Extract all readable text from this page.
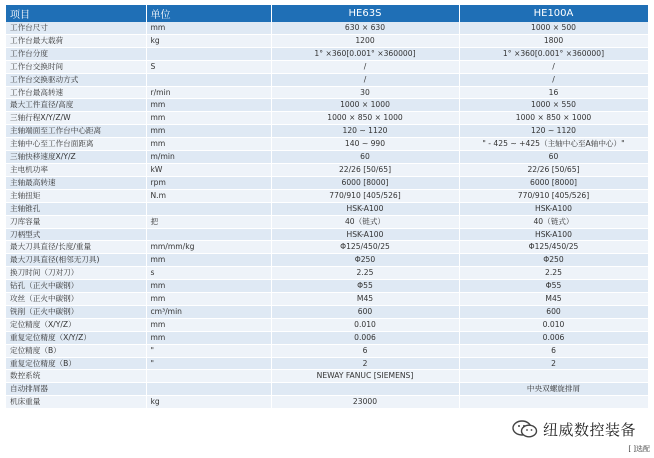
项目	单位	HE63S	HE100A
工作台尺寸	mm	630 × 630	1000 × 500
工作台最大载荷	kg	1200	1800
工作台分度		1° ×360[0.001° ×360000]	1° ×360[0.001° ×360000]
工作台交换时间	S	/	/
工作台交换驱动方式		/	/
工作台最高转速	r/min	30	16
最大工件直径/高度	mm	1000 × 1000	1000 × 550
三轴行程X/Y/Z/W	mm	1000 × 850 × 1000	1000 × 850 × 1000
主轴端面至工作台中心距离	mm	120 ~ 1120	120 ~ 1120
主轴中心至工作台面距离	mm	140 ~ 990	" - 425 ~ +425（主轴中心至A轴中心）"
三轴快移速度X/Y/Z	m/min	60	60
主电机功率	kW	22/26 [50/65]	22/26 [50/65]
主轴最高转速	rpm	6000 [8000]	6000 [8000]
主轴扭矩	N.m	770/910 [405/526]	770/910 [405/526]
主轴锥孔		HSK-A100	HSK-A100
刀库容量	把	40（链式）	40（链式）
刀柄型式		HSK-A100	HSK-A100
最大刀具直径/长度/重量	mm/mm/kg	Φ125/450/25	Φ125/450/25
最大刀具直径(相邻无刀具)	mm	Φ250	Φ250
换刀时间（刀对刀）	s	2.25	2.25
钻孔（正火中碳钢）	mm	Φ55	Φ55
攻丝（正火中碳钢）	mm	M45	M45
铣削（正火中碳钢）	cm³/min	600	600
定位精度（X/Y/Z）	mm	0.010	0.010
重复定位精度（X/Y/Z）	mm	0.006	0.006
定位精度（B）	"	6	6
重复定位精度（B）	"	2	2
数控系统		NEWAY FANUC [SIEMENS]	
自动排屑器			中央双螺旋排屑
机床重量	kg	23000	
纽威数控装备
[ ]选配
